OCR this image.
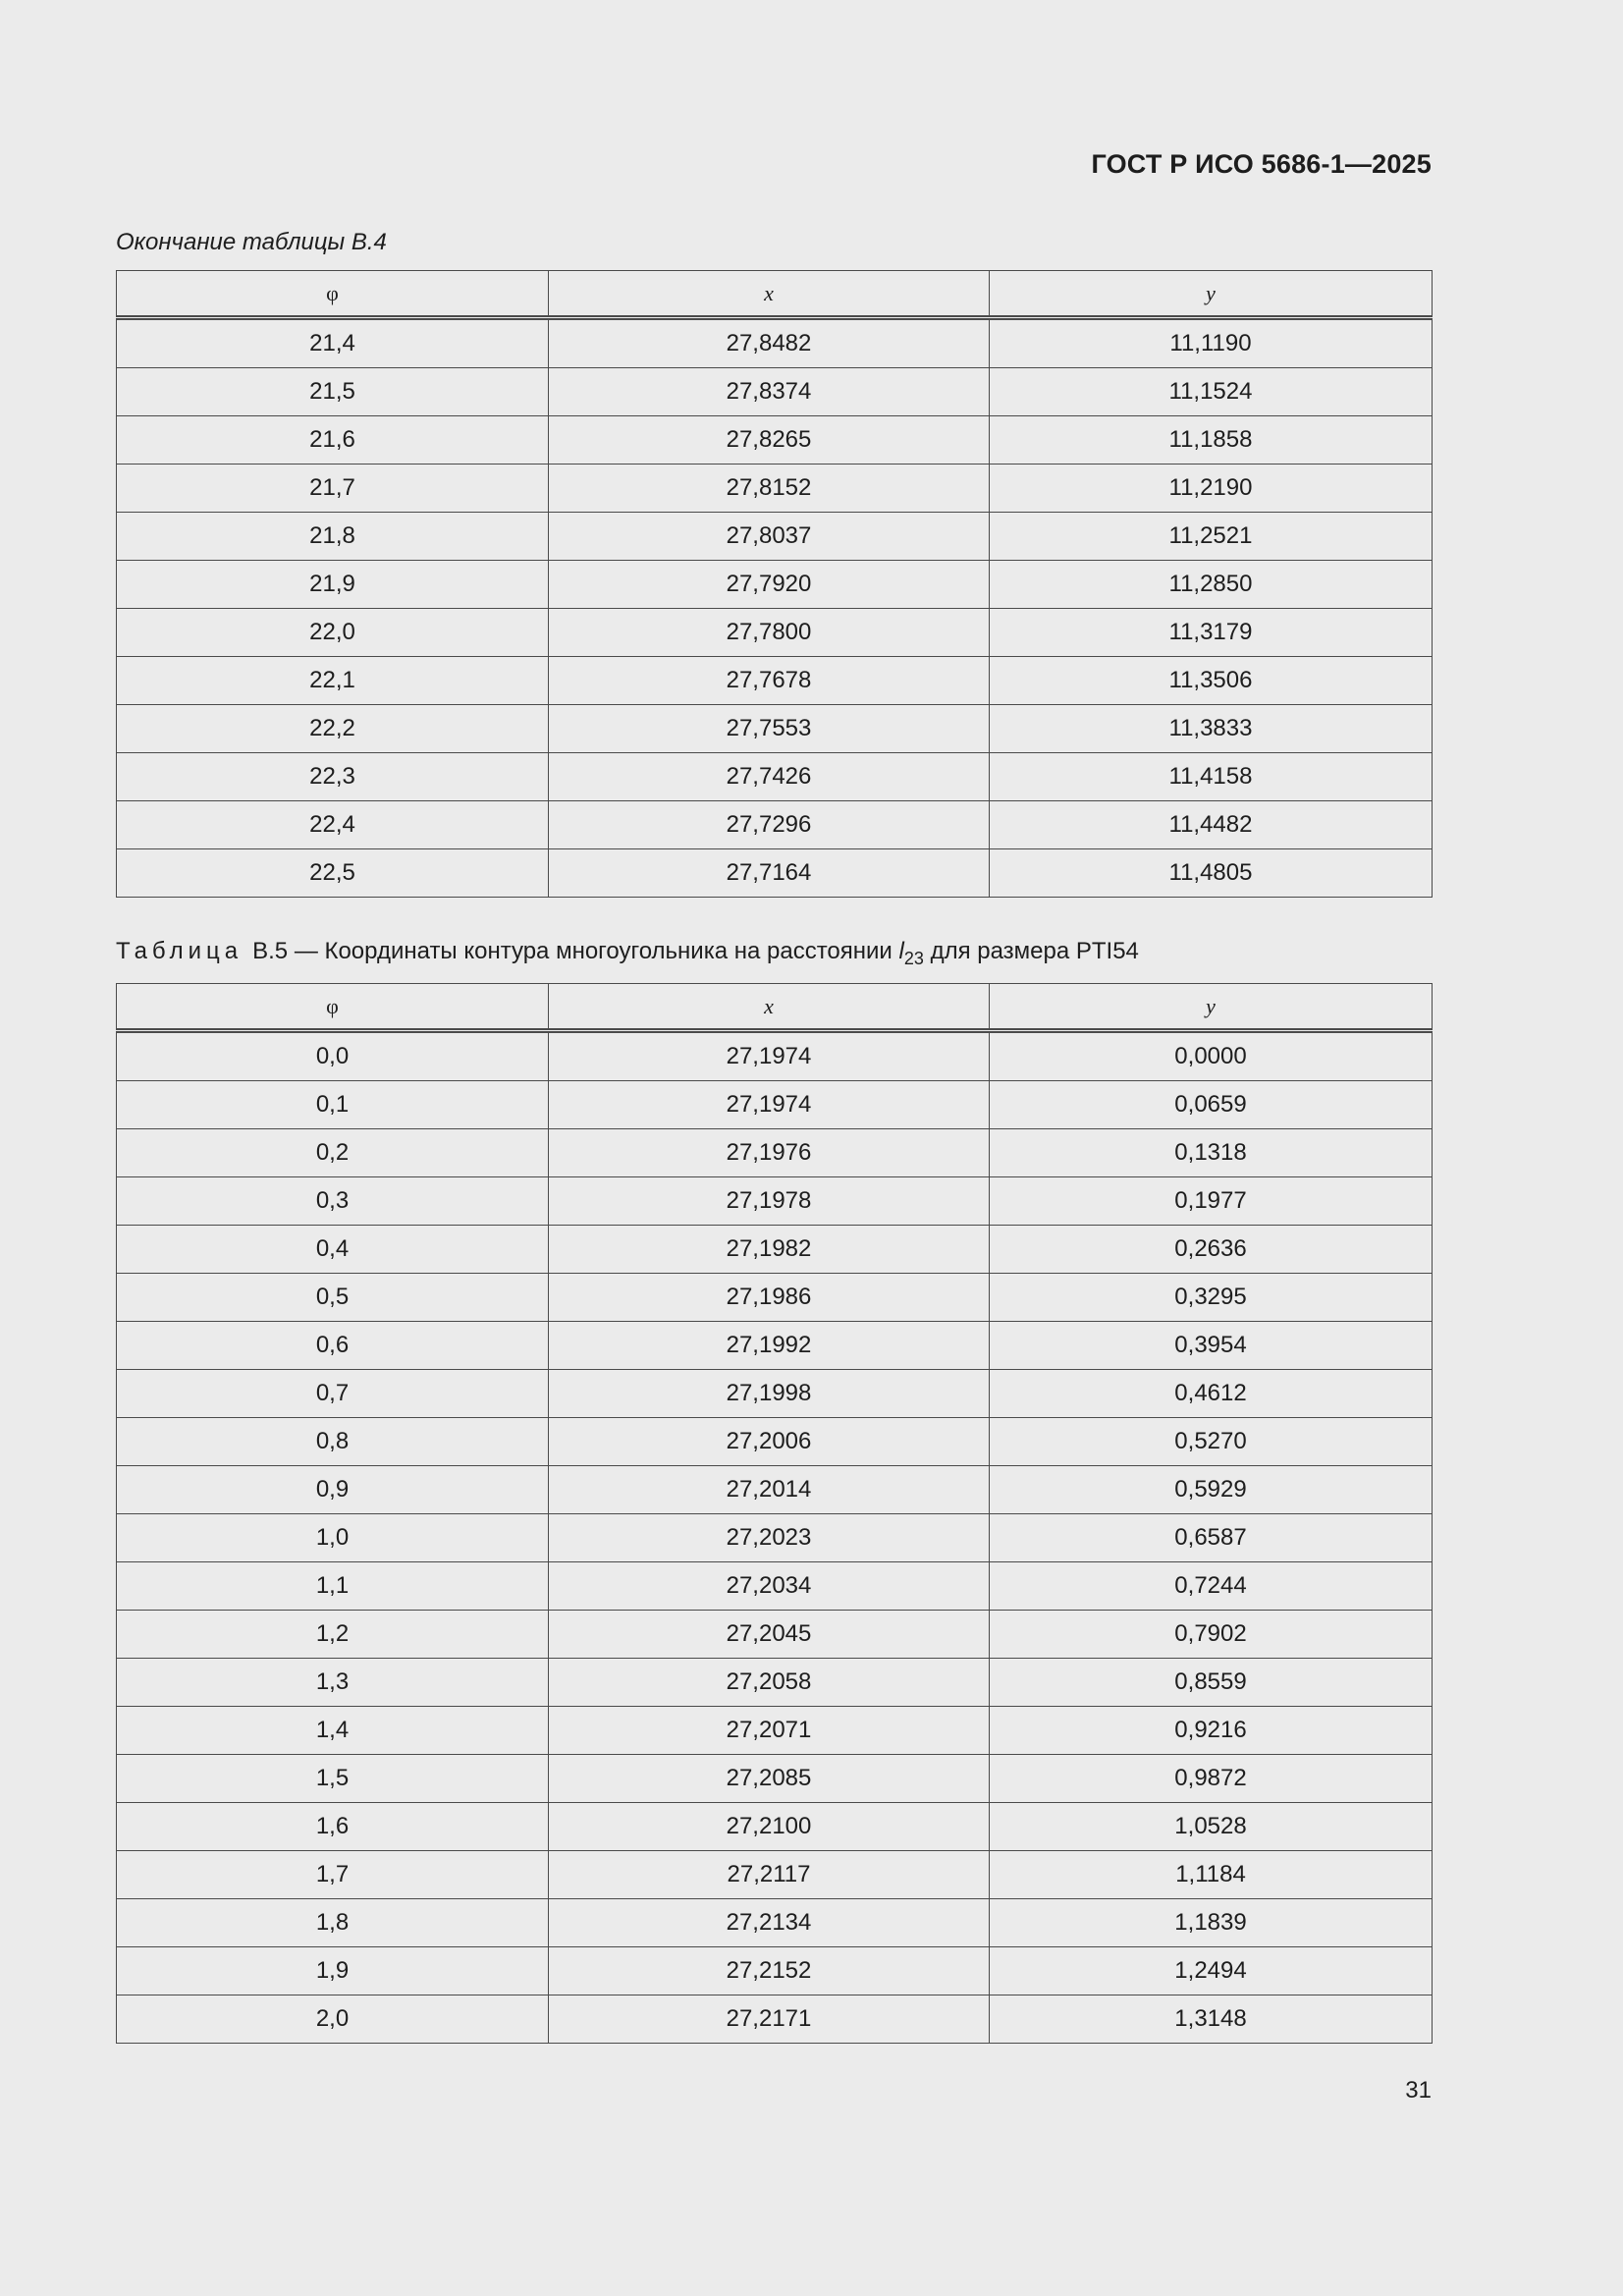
ГОСТ Р ИСО 5686-1—2025
Окончание таблицы В.4
φ	x	y
21,4	27,8482	11,1190
21,5	27,8374	11,1524
21,6	27,8265	11,1858
21,7	27,8152	11,2190
21,8	27,8037	11,2521
21,9	27,7920	11,2850
22,0	27,7800	11,3179
22,1	27,7678	11,3506
22,2	27,7553	11,3833
22,3	27,7426	11,4158
22,4	27,7296	11,4482
22,5	27,7164	11,4805
Таблица В.5 — Координаты контура многоугольника на расстоянии $l_{23}$ для размера PTI54
φ	x	y
0,0	27,1974	0,0000
0,1	27,1974	0,0659
0,2	27,1976	0,1318
0,3	27,1978	0,1977
0,4	27,1982	0,2636
0,5	27,1986	0,3295
0,6	27,1992	0,3954
0,7	27,1998	0,4612
0,8	27,2006	0,5270
0,9	27,2014	0,5929
1,0	27,2023	0,6587
1,1	27,2034	0,7244
1,2	27,2045	0,7902
1,3	27,2058	0,8559
1,4	27,2071	0,9216
1,5	27,2085	0,9872
1,6	27,2100	1,0528
1,7	27,2117	1,1184
1,8	27,2134	1,1839
1,9	27,2152	1,2494
2,0	27,2171	1,3148
31
